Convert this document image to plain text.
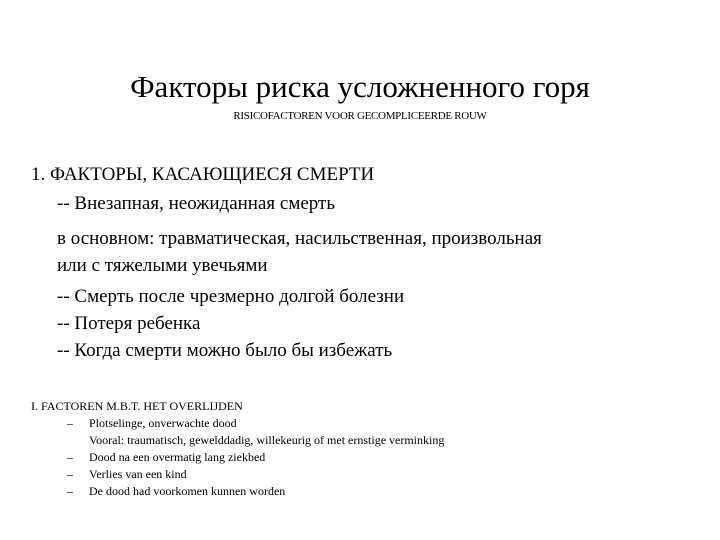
Факторы риска усложненного горя
RISICOFACTOREN VOOR GECOMPLICEERDE ROUW
1. ФАКТОРЫ, КАСАЮЩИЕСЯ СМЕРТИ
-- Внезапная, неожиданная смерть
в основном: травматическая, насильственная, произвольная
или с тяжелыми увечьями
-- Смерть после чрезмерно долгой болезни
-- Потеря ребенка
-- Когда смерти можно было бы избежать
I. FACTOREN M.B.T. HET OVERLIJDEN
– Plotselinge, onverwachte dood
Vooral: traumatisch, gewelddadig, willekeurig of met ernstige verminking
– Dood na een overmatig lang ziekbed
– Verlies van een kind
– De dood had voorkomen kunnen worden
